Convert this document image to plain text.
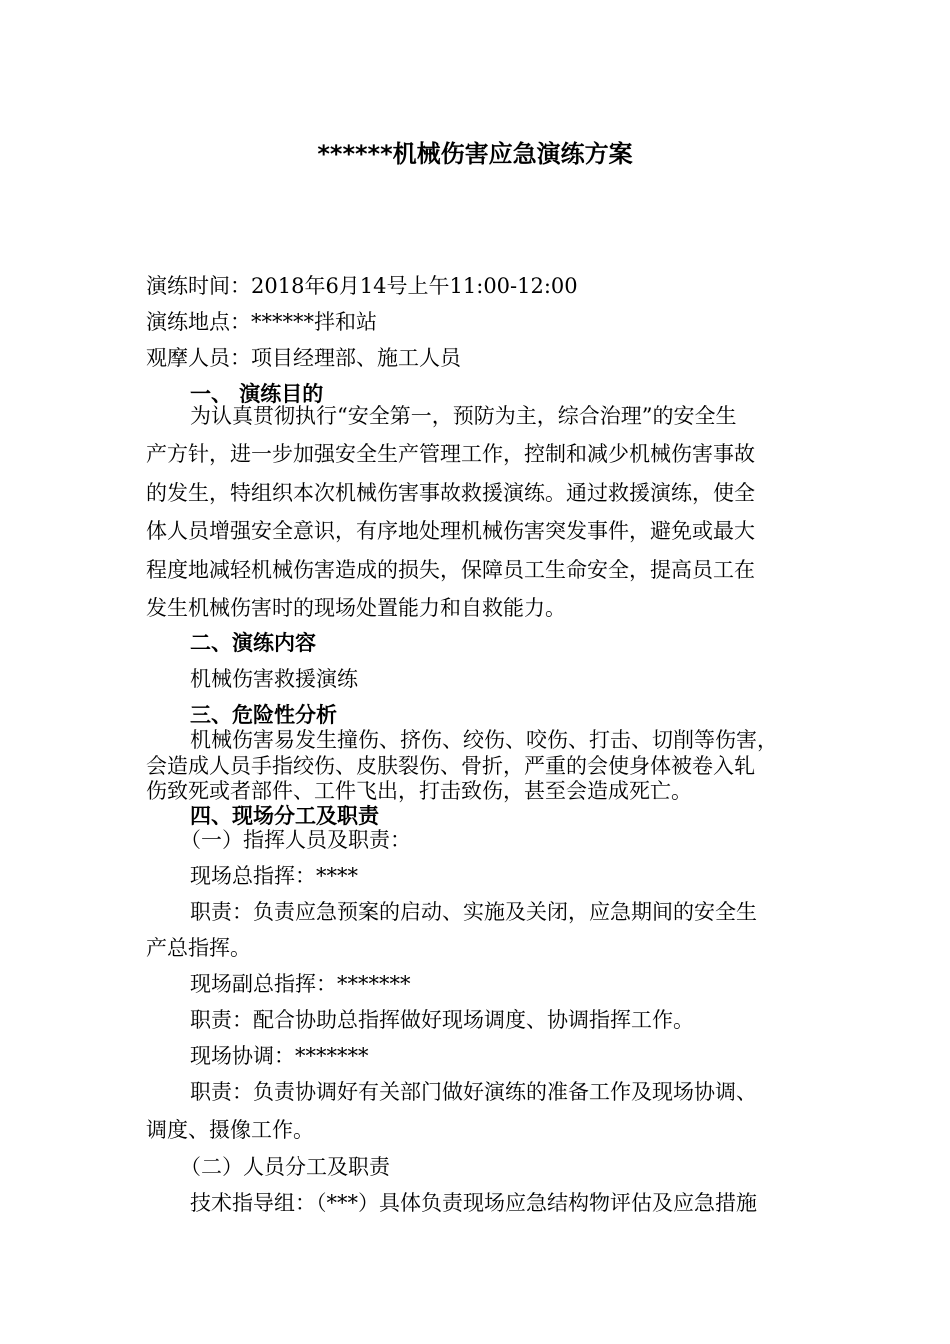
******机械伤害应急演练方案
演练时间：2018年6月14号上午11:00-12:00
演练地点：******拌和站
观摩人员：项目经理部、施工人员
一、 演练目的
为认真贯彻执行“安全第一，预防为主，综合治理”的安全生
产方针，进一步加强安全生产管理工作，控制和减少机械伤害事故
的发生，特组织本次机械伤害事故救援演练。通过救援演练，使全
体人员增强安全意识，有序地处理机械伤害突发事件，避免或最大
程度地减轻机械伤害造成的损失，保障员工生命安全，提高员工在
发生机械伤害时的现场处置能力和自救能力。
二、演练内容
机械伤害救援演练
三、危险性分析
机械伤害易发生撞伤、挤伤、绞伤、咬伤、打击、切削等伤害，
会造成人员手指绞伤、皮肤裂伤、骨折，严重的会使身体被卷入轧
伤致死或者部件、工件飞出，打击致伤，甚至会造成死亡。
四、现场分工及职责
（一）指挥人员及职责：
现场总指挥：****
职责：负责应急预案的启动、实施及关闭，应急期间的安全生
产总指挥。
现场副总指挥：*******
职责：配合协助总指挥做好现场调度、协调指挥工作。
现场协调：*******
职责：负责协调好有关部门做好演练的准备工作及现场协调、
调度、摄像工作。
（二）人员分工及职责
技术指导组：（***）具体负责现场应急结构物评估及应急措施
